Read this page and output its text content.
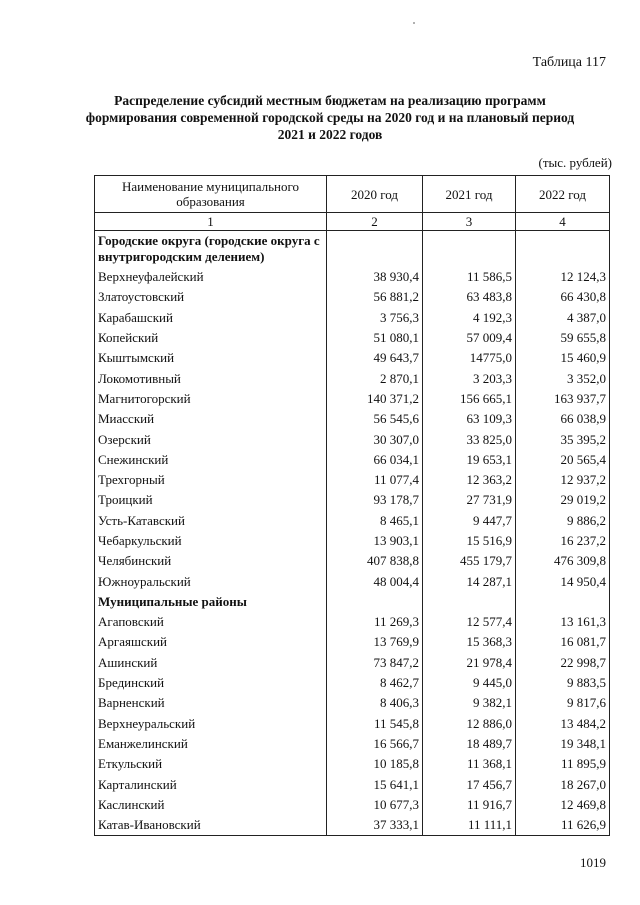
Таблица 117
Распределение субсидий местным бюджетам на реализацию программ формирования современной городской среды на 2020 год и на плановый период 2021 и 2022 годов
(тыс. рублей)
Наименование муниципального образования	2020 год	2021 год	2022 год
1	2	3	4
Городские округа (городские округа с внутригородским делением)			
Верхнеуфалейский	38 930,4	11 586,5	12 124,3
Златоустовский	56 881,2	63 483,8	66 430,8
Карабашский	3 756,3	4 192,3	4 387,0
Копейский	51 080,1	57 009,4	59 655,8
Кыштымский	49 643,7	14775,0	15 460,9
Локомотивный	2 870,1	3 203,3	3 352,0
Магнитогорский	140 371,2	156 665,1	163 937,7
Миасский	56 545,6	63 109,3	66 038,9
Озерский	30 307,0	33 825,0	35 395,2
Снежинский	66 034,1	19 653,1	20 565,4
Трехгорный	11 077,4	12 363,2	12 937,2
Троицкий	93 178,7	27 731,9	29 019,2
Усть-Катавский	8 465,1	9 447,7	9 886,2
Чебаркульский	13 903,1	15 516,9	16 237,2
Челябинский	407 838,8	455 179,7	476 309,8
Южноуральский	48 004,4	14 287,1	14 950,4
Муниципальные районы			
Агаповский	11 269,3	12 577,4	13 161,3
Аргаяшский	13 769,9	15 368,3	16 081,7
Ашинский	73 847,2	21 978,4	22 998,7
Брединский	8 462,7	9 445,0	9 883,5
Варненский	8 406,3	9 382,1	9 817,6
Верхнеуральский	11 545,8	12 886,0	13 484,2
Еманжелинский	16 566,7	18 489,7	19 348,1
Еткульский	10 185,8	11 368,1	11 895,9
Карталинский	15 641,1	17 456,7	18 267,0
Каслинский	10 677,3	11 916,7	12 469,8
Катав-Ивановский	37 333,1	11 111,1	11 626,9
1019
